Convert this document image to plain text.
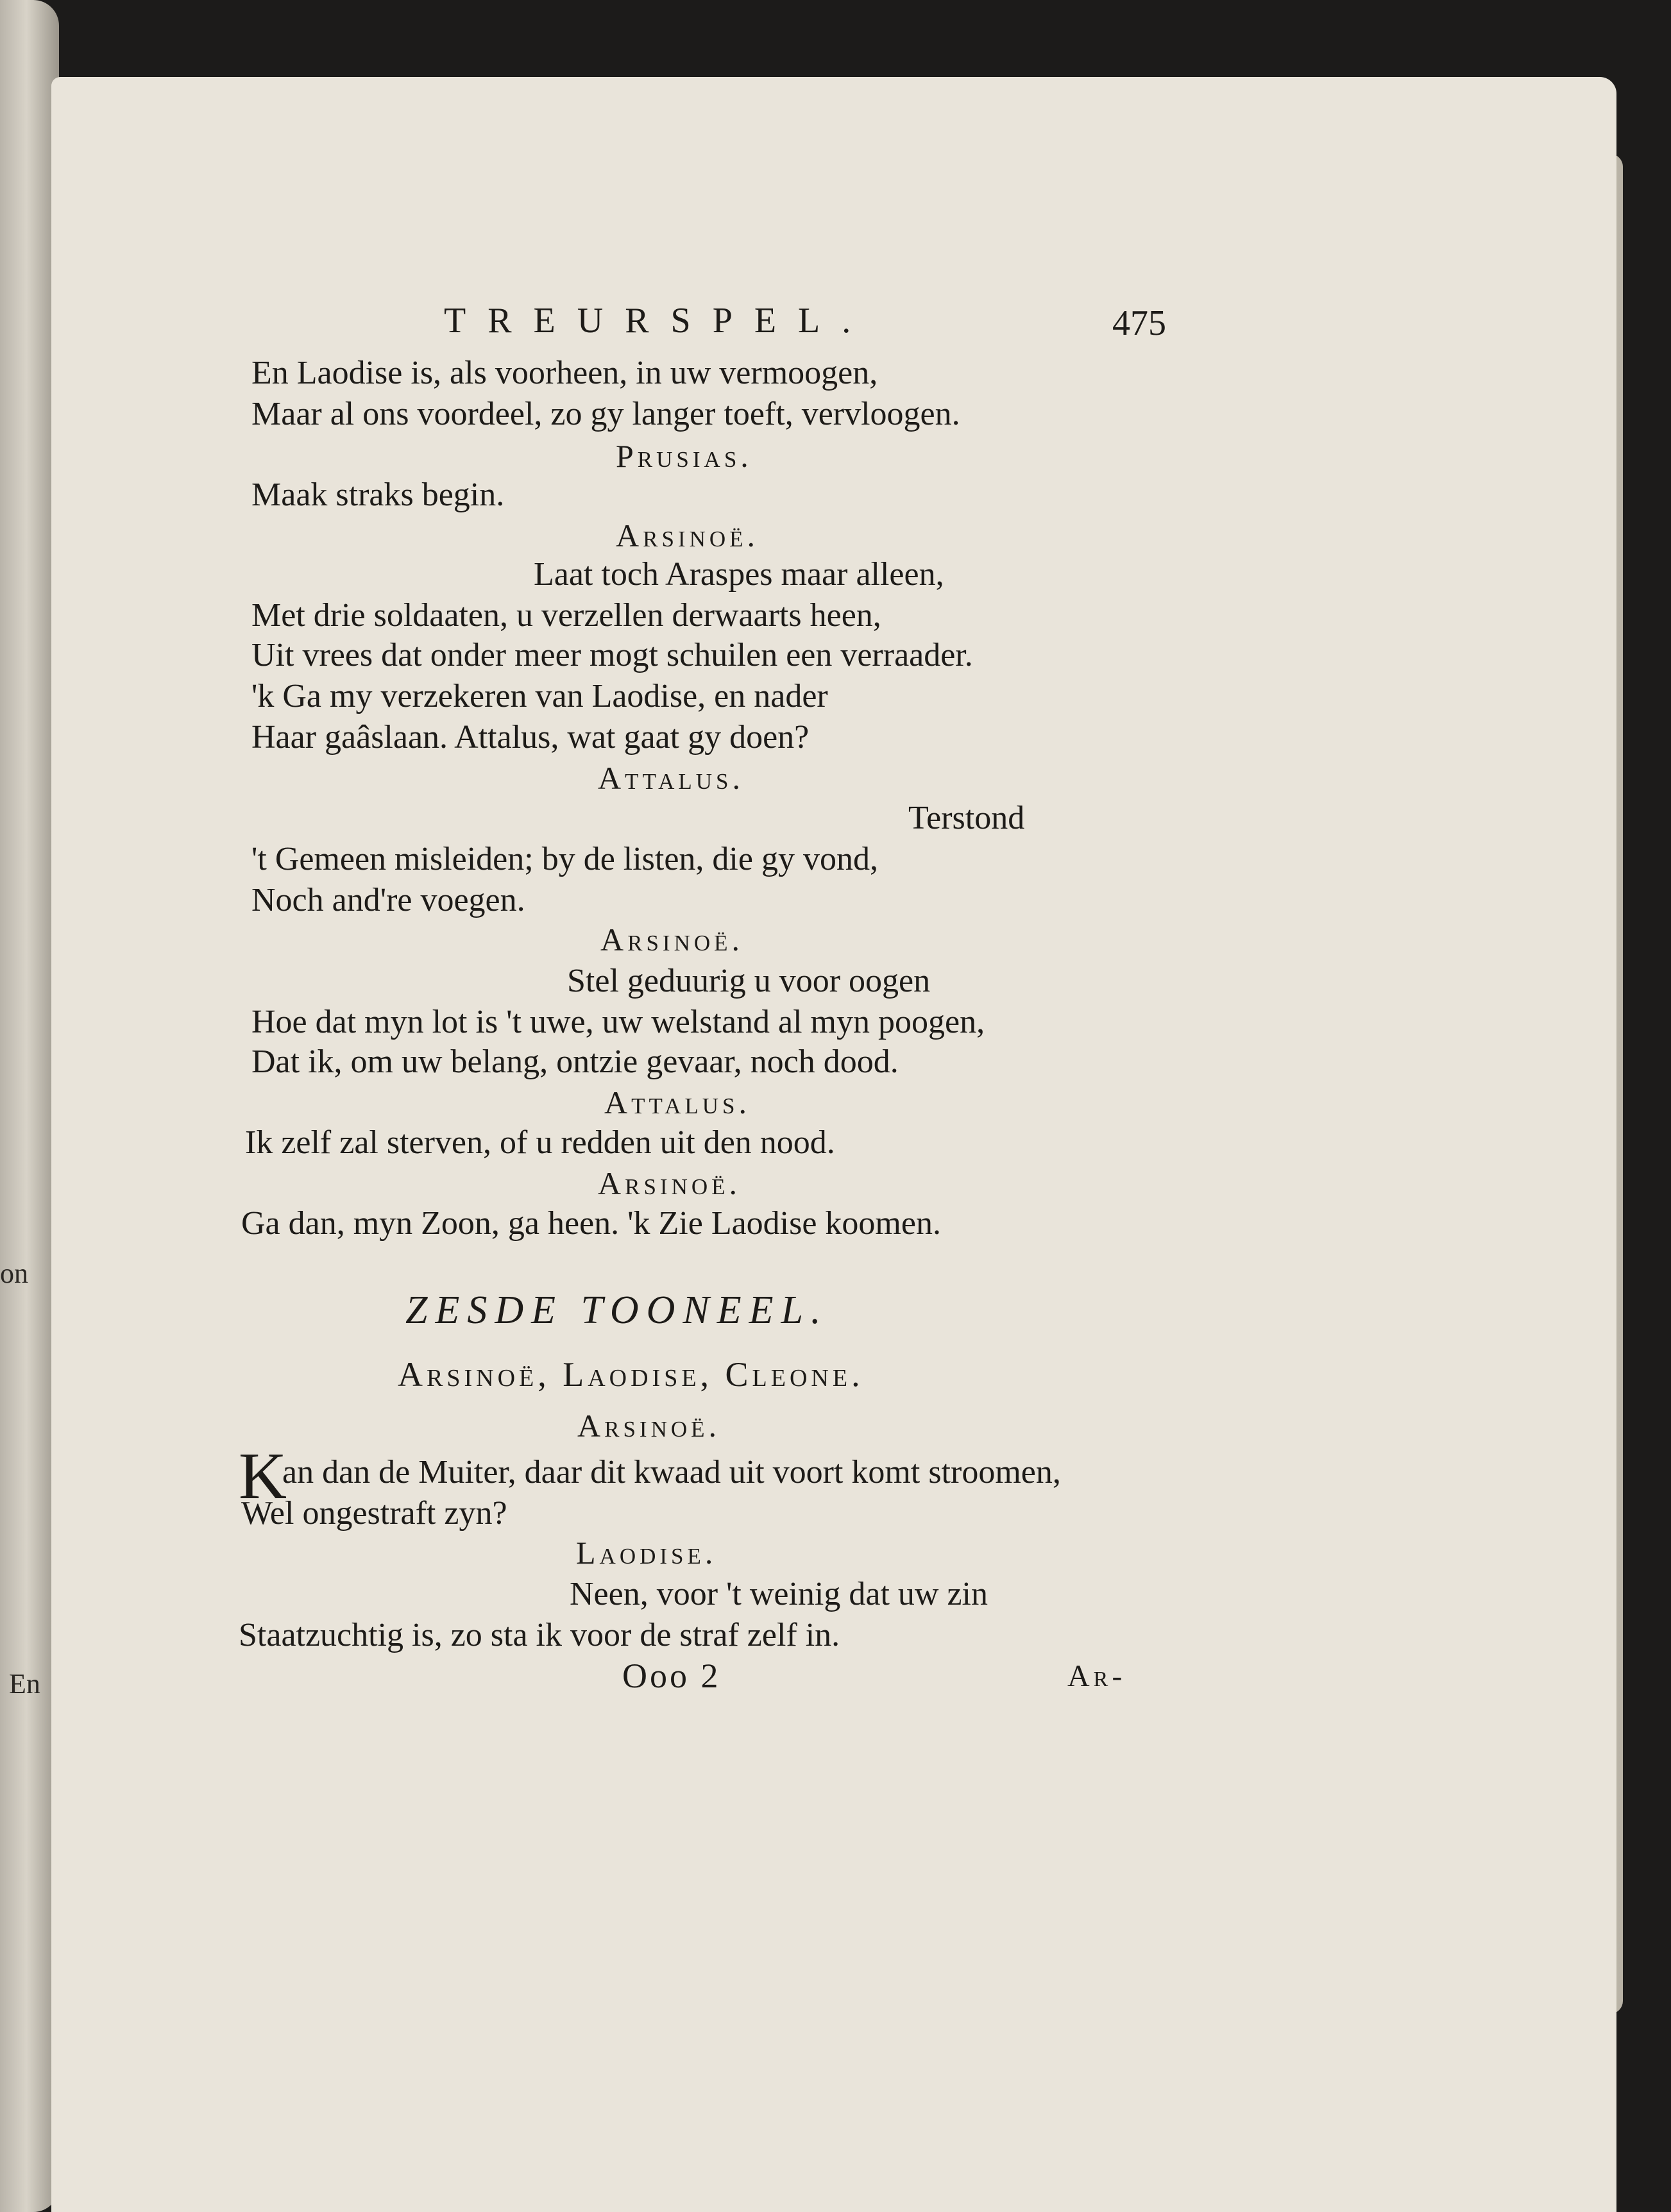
on
En
TREURSPEL.	475
En Laodise is, als voorheen, in uw vermoogen,
Maar al ons voordeel, zo gy langer toeft, vervloogen.
Prusias.
Maak straks begin.
Arsinoë.
Laat toch Araspes maar alleen,
Met drie soldaaten, u verzellen derwaarts heen,
Uit vrees dat onder meer mogt schuilen een verraader.
'k Ga my verzekeren van Laodise, en nader
Haar gaâslaan. Attalus, wat gaat gy doen?
Attalus.
Terstond
't Gemeen misleiden; by de listen, die gy vond,
Noch and're voegen.
Arsinoë.
Stel geduurig u voor oogen
Hoe dat myn lot is 't uwe, uw welstand al myn poogen,
Dat ik, om uw belang, ontzie gevaar, noch dood.
Attalus.
Ik zelf zal sterven, of u redden uit den nood.
Arsinoë.
Ga dan, myn Zoon, ga heen. 'k Zie Laodise koomen.
ZESDE TOONEEL.
Arsinoë, Laodise, Cleone.
Arsinoë.
K
an dan de Muiter, daar dit kwaad uit voort komt stroomen,
Wel ongestraft zyn?
Laodise.
Neen, voor 't weinig dat uw zin
Staatzuchtig is, zo sta ik voor de straf zelf in.
Ooo 2	Ar-
